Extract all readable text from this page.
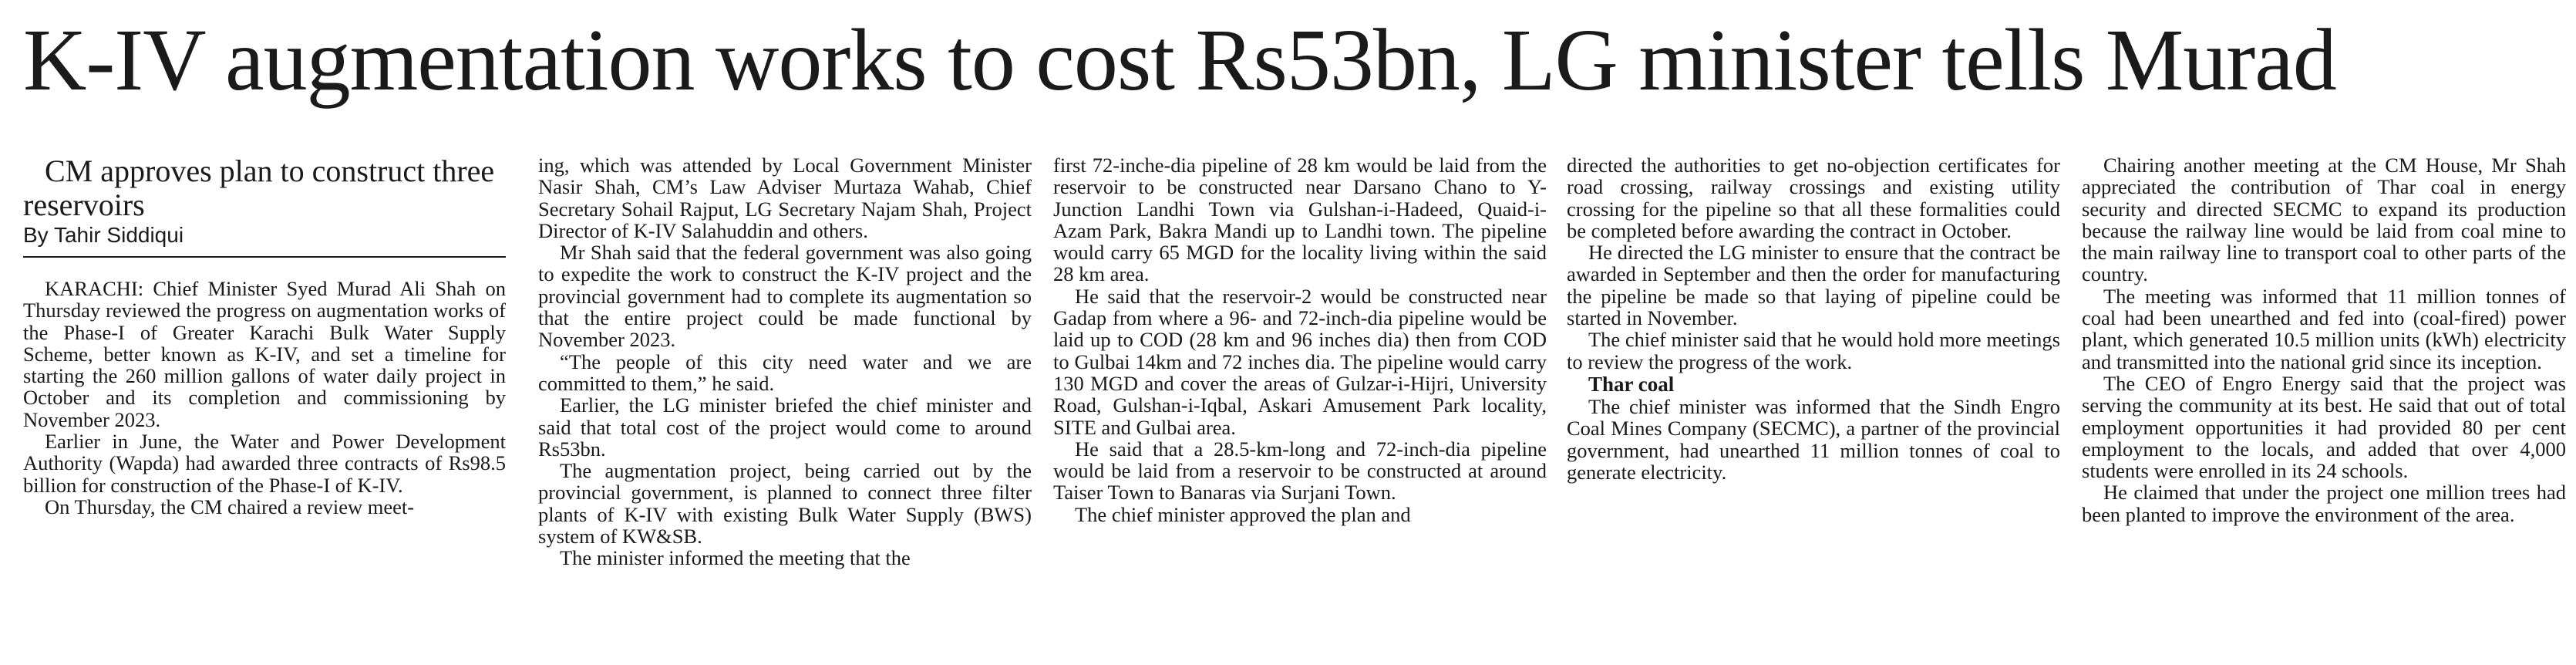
K-IV augmentation works to cost Rs53bn, LG minister tells Murad

CM approves plan to construct three reservoirs

By Tahir Siddiqui

KARACHI: Chief Minister Syed Murad Ali Shah on Thursday reviewed the progress on augmentation works of the Phase-I of Greater Karachi Bulk Water Supply Scheme, better known as K-IV, and set a timeline for starting the 260 million gallons of water daily project in October and its completion and commissioning by November 2023.

Earlier in June, the Water and Power Development Authority (Wapda) had awarded three contracts of Rs98.5 billion for construction of the Phase-I of K-IV.

On Thursday, the CM chaired a review meet-

ing, which was attended by Local Government Minister Nasir Shah, CM’s Law Adviser Murtaza Wahab, Chief Secretary Sohail Rajput, LG Secretary Najam Shah, Project Director of K-IV Salahuddin and others.

Mr Shah said that the federal government was also going to expedite the work to construct the K-IV project and the provincial government had to complete its augmentation so that the entire project could be made functional by November 2023.

“The people of this city need water and we are committed to them,” he said.

Earlier, the LG minister briefed the chief minister and said that total cost of the project would come to around Rs53bn.

The augmentation project, being carried out by the provincial government, is planned to connect three filter plants of K-IV with existing Bulk Water Supply (BWS) system of KW&SB.

The minister informed the meeting that the

first 72-inche-dia pipeline of 28 km would be laid from the reservoir to be constructed near Darsano Chano to Y-Junction Landhi Town via Gulshan-i-Hadeed, Quaid-i-Azam Park, Bakra Mandi up to Landhi town. The pipeline would carry 65 MGD for the locality living within the said 28 km area.

He said that the reservoir-2 would be constructed near Gadap from where a 96- and 72-inch-dia pipeline would be laid up to COD (28 km and 96 inches dia) then from COD to Gulbai 14km and 72 inches dia. The pipeline would carry 130 MGD and cover the areas of Gulzar-i-Hijri, University Road, Gulshan-i-Iqbal, Askari Amusement Park locality, SITE and Gulbai area.

He said that a 28.5-km-long and 72-inch-dia pipeline would be laid from a reservoir to be constructed at around Taiser Town to Banaras via Surjani Town.

The chief minister approved the plan and

directed the authorities to get no-objection certificates for road crossing, railway crossings and existing utility crossing for the pipeline so that all these formalities could be completed before awarding the contract in October.

He directed the LG minister to ensure that the contract be awarded in September and then the order for manufacturing the pipeline be made so that laying of pipeline could be started in November.

The chief minister said that he would hold more meetings to review the progress of the work.

Thar coal

The chief minister was informed that the Sindh Engro Coal Mines Company (SECMC), a partner of the provincial government, had unearthed 11 million tonnes of coal to generate electricity.

Chairing another meeting at the CM House, Mr Shah appreciated the contribution of Thar coal in energy security and directed SECMC to expand its production because the railway line would be laid from coal mine to the main railway line to transport coal to other parts of the country.

The meeting was informed that 11 million tonnes of coal had been unearthed and fed into (coal-fired) power plant, which generated 10.5 million units (kWh) electricity and transmitted into the national grid since its inception.

The CEO of Engro Energy said that the project was serving the community at its best. He said that out of total employment opportunities it had provided 80 per cent employment to the locals, and added that over 4,000 students were enrolled in its 24 schools.

He claimed that under the project one million trees had been planted to improve the environment of the area.
